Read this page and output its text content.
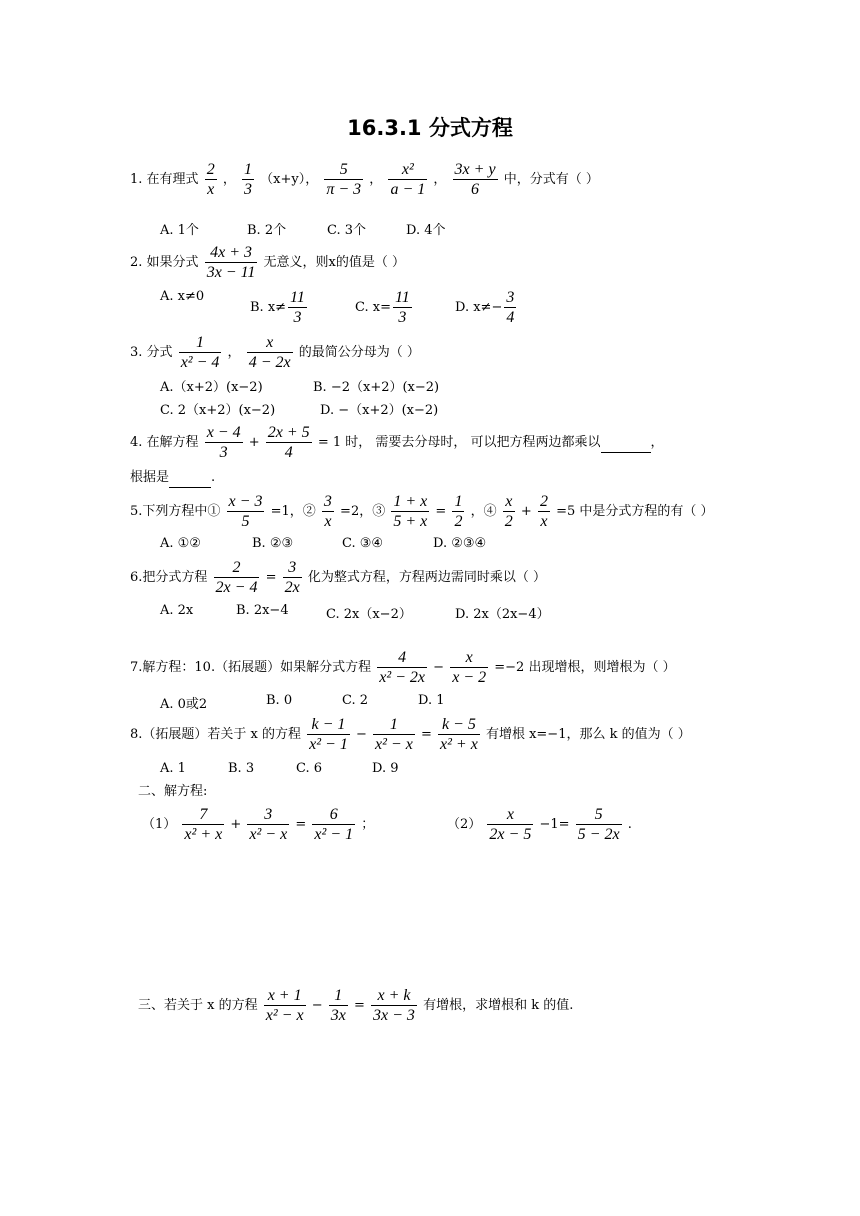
16.3.1 分式方程
1. 在有理式 $\frac{2}{x}$ ， $\frac{1}{3} (x+y)$， $\frac{5}{\pi - 3}$ ， $\frac{\text{x²}}{a - 1}$ ， $\frac{3x + y}{6}$ 中，分式有（ ）
A. 1个	B. 2个	C. 3个	D. 4个
2. 如果分式 $\frac{4x + 3}{3x - 11}$ 无意义，则x的值是（ ）
A. x≠0
B. $x\ne \frac{11}{3}$	C. $x= \frac{11}{3}$	D. $x\ne- \frac{3}{4}$
3. 分式 $\frac{1}{\text{x² − 4}}$ ， $\frac{x}{4 - 2x}$ 的最简公分母为（ ）
A.（x+2）(x−2)	B. −2（x+2）(x−2)
C. 2（x+2）(x−2)	D. −（x+2）(x−2)
4. 在解方程 $\frac{x - 4}{3} + \frac{2x + 5}{4} = 1$ 时， 需要去分母时， 可以把方程两边都乘以	，
根据是	.
5.下列方程中① $\frac{x - 3}{5} =1$，② $\frac{3}{x} =2$，③ $\frac{1 + x}{5 + x} = \frac{1}{2}$ ，④ $\frac{x}{2} + \frac{2}{x} =5$ 中是分式方程的有（ ）
A. ①②	B. ②③	C. ③④	D. ②③④
6.把分式方程 $\frac{2}{2x - 4} = \frac{3}{2x}$ 化为整式方程，方程两边需同时乘以（ ）
A. 2x	B. 2x−4	C. 2x（x−2）	D. 2x（2x−4）
7.解方程：10.（拓展题）如果解分式方程 $\frac{4}{\text{x² − 2x}} - \frac{x}{x - 2} =-2$ 出现增根，则增根为（ ）
A. 0或2	B. 0	C. 2	D. 1
8.（拓展题）若关于 x 的方程 $\frac{k - 1}{\text{x² − 1}} - \frac{1}{\text{x² − x}} = \frac{k - 5}{\text{x² + x}}$ 有增根 x=−1，那么 k 的值为（ ）
A. 1	B. 3	C. 6	D. 9
二、解方程:
$(1) \frac{7}{\text{x² + x}} + \frac{3}{\text{x² − x}} = \frac{6}{\text{x² − 1}}$ ；	$(2) \frac{x}{2x - 5} -1= \frac{5}{5 - 2x}$ .
三、若关于 x 的方程 $\frac{x + 1}{\text{x² − x}} - \frac{1}{3x} = \frac{x + k}{3x - 3}$ 有增根，求增根和 k 的值.
